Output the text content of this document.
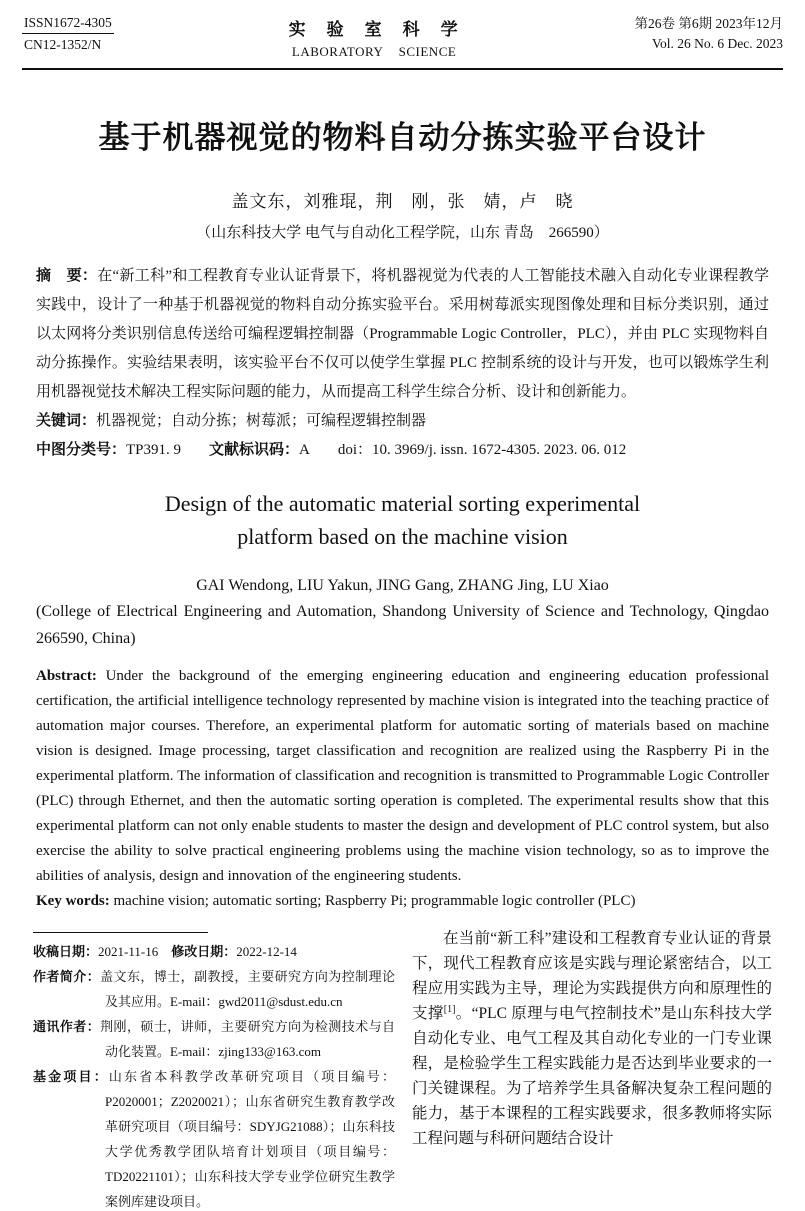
ISSN1672-4305
CN12-1352/N
实　验　室　科　学
LABORATORY SCIENCE
第26卷 第6期 2023年12月
Vol. 26 No. 6 Dec. 2023
基于机器视觉的物料自动分拣实验平台设计
盖文东，刘雅琨，荆　刚，张　婧，卢　晓
（山东科技大学 电气与自动化工程学院，山东 青岛　266590）

摘　要：在“新工科”和工程教育专业认证背景下，将机器视觉为代表的人工智能技术融入自动化专业课程教学实践中，设计了一种基于机器视觉的物料自动分拣实验平台。采用树莓派实现图像处理和目标分类识别，通过以太网将分类识别信息传送给可编程逻辑控制器（Programmable Logic Controller，PLC），并由 PLC 实现物料自动分拣操作。实验结果表明，该实验平台不仅可以使学生掌握 PLC 控制系统的设计与开发，也可以锻炼学生利用机器视觉技术解决工程实际问题的能力，从而提高工科学生综合分析、设计和创新能力。

关键词：机器视觉；自动分拣；树莓派；可编程逻辑控制器

中图分类号：TP391. 9 文献标识码：A doi：10. 3969/j. issn. 1672-4305. 2023. 06. 012

Design of the automatic material sorting experimental
platform based on the machine vision
GAI Wendong, LIU Yakun, JING Gang, ZHANG Jing, LU Xiao
(College of Electrical Engineering and Automation, Shandong University of Science and Technology, Qingdao 266590, China)

Abstract: Under the background of the emerging engineering education and engineering education professional certification, the artificial intelligence technology represented by machine vision is integrated into the teaching practice of automation major courses. Therefore, an experimental platform for automatic sorting of materials based on machine vision is designed. Image processing, target classification and recognition are realized using the Raspberry Pi in the experimental platform. The information of classification and recognition is transmitted to Programmable Logic Controller (PLC) through Ethernet, and then the automatic sorting operation is completed. The experimental results show that this experimental platform can not only enable students to master the design and development of PLC control system, but also exercise the ability to solve practical engineering problems using the machine vision technology, so as to improve the abilities of analysis, design and innovation of the engineering students.

Key words: machine vision; automatic sorting; Raspberry Pi; programmable logic controller (PLC)

收稿日期：2021-11-16　 修改日期：2022-12-14

作者简介：盖文东，博士，副教授，主要研究方向为控制理论及其应用。E-mail：gwd2011@sdust.edu.cn

通讯作者：荆刚，硕士，讲师，主要研究方向为检测技术与自动化装置。E-mail：zjing133@163.com

基金项目：山东省本科教学改革研究项目（项目编号：P2020001；Z2020021）；山东省研究生教育教学改革研究项目（项目编号：SDYJG21088）；山东科技大学优秀教学团队培育计划项目（项目编号：TD20221101）；山东科技大学专业学位研究生教学案例库建设项目。

在当前“新工科”建设和工程教育专业认证的背景下，现代工程教育应该是实践与理论紧密结合，以工程应用实践为主导，理论为实践提供方向和原理性的支撑[1]。“PLC 原理与电气控制技术”是山东科技大学自动化专业、电气工程及其自动化专业的一门专业课程，是检验学生工程实践能力是否达到毕业要求的一门关键课程。为了培养学生具备解决复杂工程问题的能力，基于本课程的工程实践要求，很多教师将实际工程问题与科研问题结合设计
